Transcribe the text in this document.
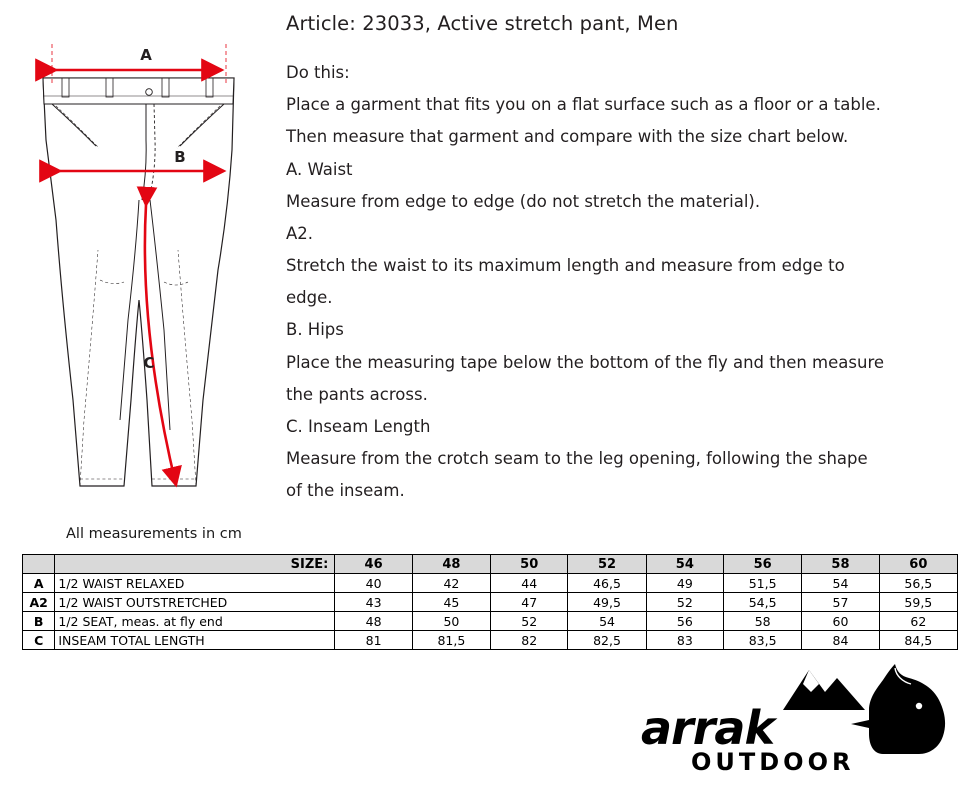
A
B
C
All measurements in cm
Article: 23033, Active stretch pant, Men
Do this:
Place a garment that fits you on a flat surface such as a floor or a table.
Then measure that garment and compare with the size chart below.
A. Waist
Measure from edge to edge (do not stretch the material).
A2.
Stretch the waist to its maximum length and measure from edge to
edge.
B. Hips
Place the measuring tape below the bottom of the fly and then measure
the pants across.
C. Inseam Length
Measure from the crotch seam to the leg opening, following the shape
of the inseam.
	SIZE:	46	48	50	52	54	56	58	60
A	1/2 WAIST RELAXED	40	42	44	46,5	49	51,5	54	56,5
A2	1/2 WAIST OUTSTRETCHED	43	45	47	49,5	52	54,5	57	59,5
B	1/2 SEAT, meas. at fly end	48	50	52	54	56	58	60	62
C	INSEAM TOTAL LENGTH	81	81,5	82	82,5	83	83,5	84	84,5
arrak
OUTDOOR
®
